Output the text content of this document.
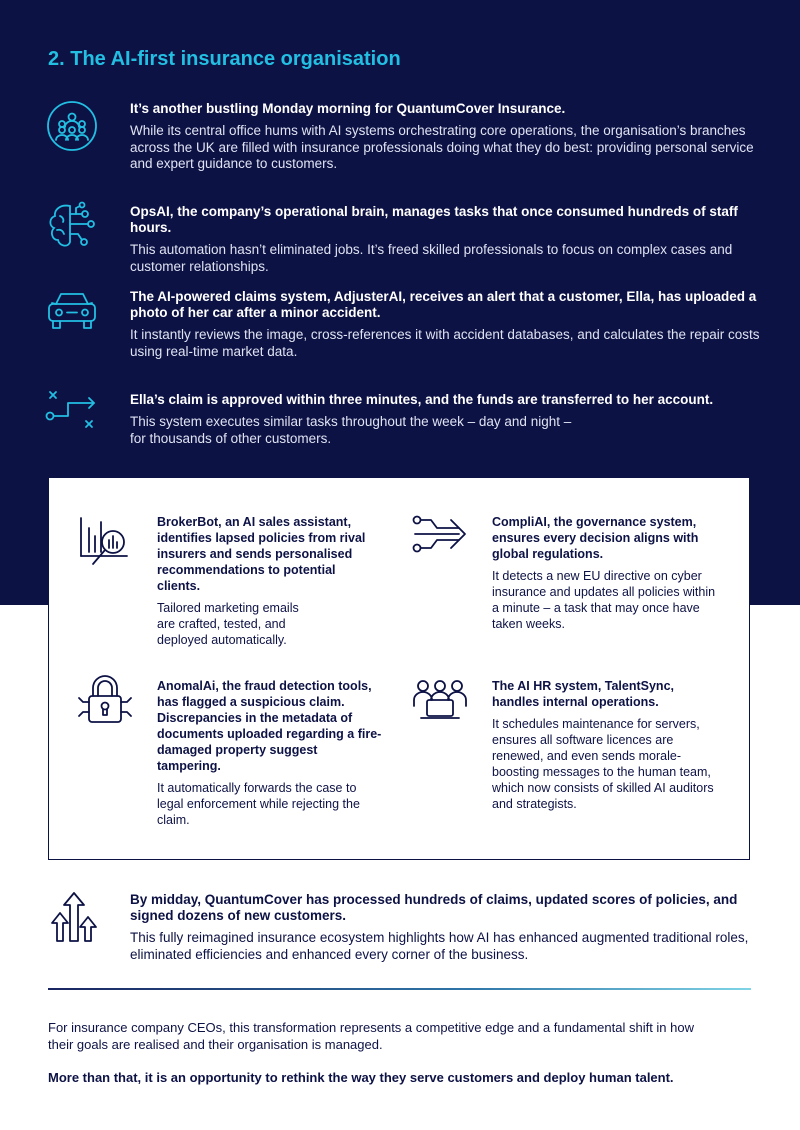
2. The AI-first insurance organisation

It’s another bustling Monday morning for QuantumCover Insurance.

While its central office hums with AI systems orchestrating core operations, the organisation’s branches across the UK are filled with insurance professionals doing what they do best: providing personal service and expert guidance to customers.

OpsAI, the company’s operational brain, manages tasks that once consumed hundreds of staff hours.

This automation hasn’t eliminated jobs. It’s freed skilled professionals to focus on complex cases and customer relationships.

The AI-powered claims system, AdjusterAI, receives an alert that a customer, Ella, has uploaded a photo of her car after a minor accident.

It instantly reviews the image, cross-references it with accident databases, and calculates the repair costs using real-time market data.

Ella’s claim is approved within three minutes, and the funds are transferred to her account.

This system executes similar tasks throughout the week – day and night – for thousands of other customers.

BrokerBot, an AI sales assistant, identifies lapsed policies from rival insurers and sends personalised recommendations to potential clients.

Tailored marketing emails are crafted, tested, and deployed automatically.

CompliAI, the governance system, ensures every decision aligns with global regulations.

It detects a new EU directive on cyber insurance and updates all policies within a minute – a task that may once have taken weeks.

AnomalAi, the fraud detection tools, has flagged a suspicious claim. Discrepancies in the metadata of documents uploaded regarding a fire-damaged property suggest tampering.

It automatically forwards the case to legal enforcement while rejecting the claim.

The AI HR system, TalentSync, handles internal operations.

It schedules maintenance for servers, ensures all software licences are renewed, and even sends morale-boosting messages to the human team, which now consists of skilled AI auditors and strategists.

By midday, QuantumCover has processed hundreds of claims, updated scores of policies, and signed dozens of new customers.

This fully reimagined insurance ecosystem highlights how AI has enhanced augmented traditional roles, eliminated efficiencies and enhanced every corner of the business.

For insurance company CEOs, this transformation represents a competitive edge and a fundamental shift in how their goals are realised and their organisation is managed.

More than that, it is an opportunity to rethink the way they serve customers and deploy human talent.
